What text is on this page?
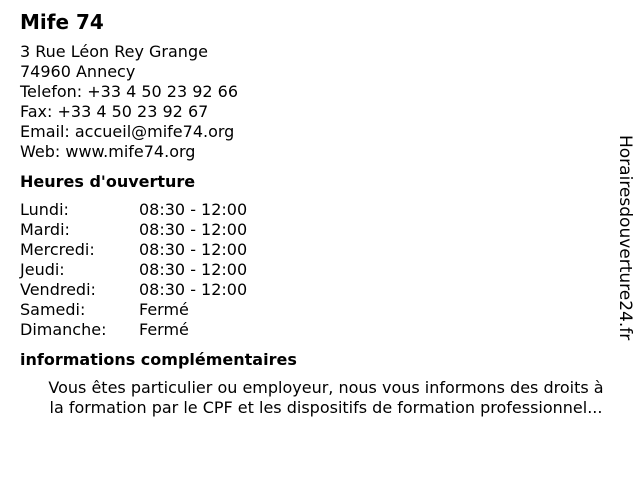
Mife 74
3 Rue Léon Rey Grange
74960 Annecy
Telefon: +33 4 50 23 92 66
Fax: +33 4 50 23 92 67
Email: accueil@mife74.org
Web: www.mife74.org
Heures d'ouverture
Lundi:	08:30 - 12:00
Mardi:	08:30 - 12:00
Mercredi:	08:30 - 12:00
Jeudi:	08:30 - 12:00
Vendredi:	08:30 - 12:00
Samedi:	Fermé
Dimanche:	Fermé
informations complémentaires
Vous êtes particulier ou employeur, nous vous informons des droits à
la formation par le CPF et les dispositifs de formation professionnel...
Horairesdouverture24.fr
